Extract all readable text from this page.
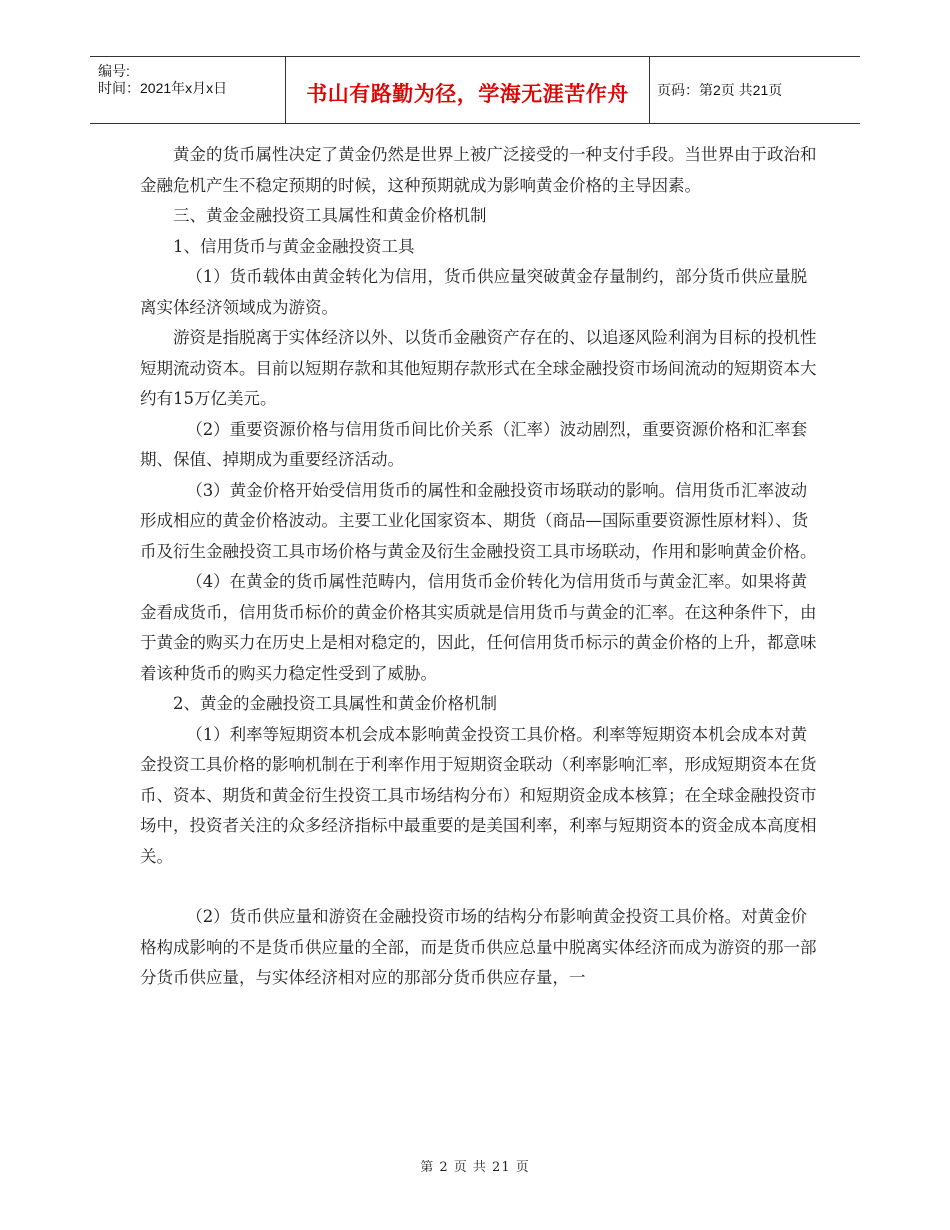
编号:
时间：2021年x月x日	书山有路勤为径，学海无涯苦作舟	页码：第2页 共21页

黄金的货币属性决定了黄金仍然是世界上被广泛接受的一种支付手段。当世界由于政治和金融危机产生不稳定预期的时候，这种预期就成为影响黄金价格的主导因素。

三、黄金金融投资工具属性和黄金价格机制

1、信用货币与黄金金融投资工具

（1）货币载体由黄金转化为信用，货币供应量突破黄金存量制约，部分货币供应量脱离实体经济领域成为游资。

游资是指脱离于实体经济以外、以货币金融资产存在的、以追逐风险利润为目标的投机性短期流动资本。目前以短期存款和其他短期存款形式在全球金融投资市场间流动的短期资本大约有15万亿美元。

（2）重要资源价格与信用货币间比价关系（汇率）波动剧烈，重要资源价格和汇率套期、保值、掉期成为重要经济活动。

（3）黄金价格开始受信用货币的属性和金融投资市场联动的影响。信用货币汇率波动形成相应的黄金价格波动。主要工业化国家资本、期货（商品—国际重要资源性原材料）、货币及衍生金融投资工具市场价格与黄金及衍生金融投资工具市场联动，作用和影响黄金价格。

（4）在黄金的货币属性范畴内，信用货币金价转化为信用货币与黄金汇率。如果将黄金看成货币，信用货币标价的黄金价格其实质就是信用货币与黄金的汇率。在这种条件下，由于黄金的购买力在历史上是相对稳定的，因此，任何信用货币标示的黄金价格的上升，都意味着该种货币的购买力稳定性受到了威胁。

2、黄金的金融投资工具属性和黄金价格机制

（1）利率等短期资本机会成本影响黄金投资工具价格。利率等短期资本机会成本对黄金投资工具价格的影响机制在于利率作用于短期资金联动（利率影响汇率，形成短期资本在货币、资本、期货和黄金衍生投资工具市场结构分布）和短期资金成本核算；在全球金融投资市场中，投资者关注的众多经济指标中最重要的是美国利率，利率与短期资本的资金成本高度相关。

（2）货币供应量和游资在金融投资市场的结构分布影响黄金投资工具价格。对黄金价格构成影响的不是货币供应量的全部，而是货币供应总量中脱离实体经济而成为游资的那一部分货币供应量，与实体经济相对应的那部分货币供应存量，一

第 2 页 共 21 页
